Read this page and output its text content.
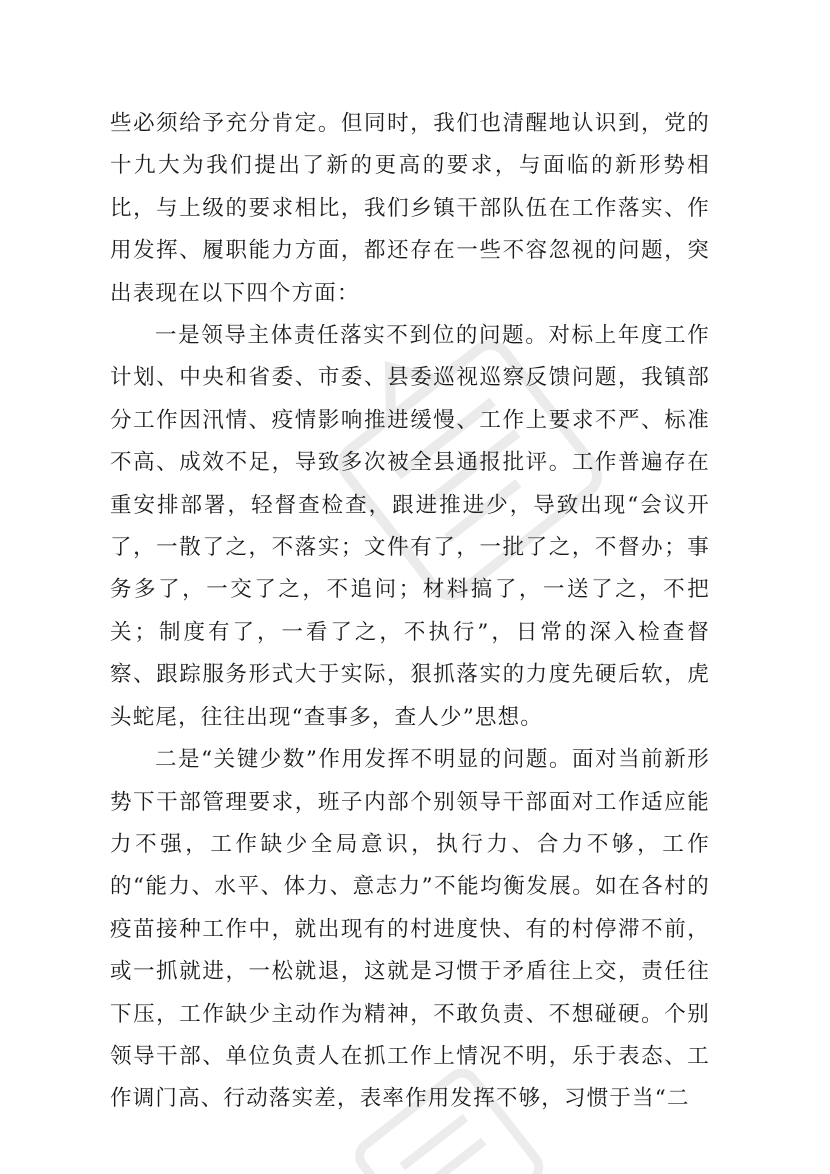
些必须给予充分肯定。但同时，我们也清醒地认识到，党的十九大为我们提出了新的更高的要求，与面临的新形势相比，与上级的要求相比，我们乡镇干部队伍在工作落实、作用发挥、履职能力方面，都还存在一些不容忽视的问题，突出表现在以下四个方面：

一是领导主体责任落实不到位的问题。对标上年度工作计划、中央和省委、市委、县委巡视巡察反馈问题，我镇部分工作因汛情、疫情影响推进缓慢、工作上要求不严、标准不高、成效不足，导致多次被全县通报批评。工作普遍存在重安排部署，轻督查检查，跟进推进少，导致出现“会议开了，一散了之，不落实；文件有了，一批了之，不督办；事务多了，一交了之，不追问；材料搞了，一送了之，不把关；制度有了，一看了之，不执行”，日常的深入检查督察、跟踪服务形式大于实际，狠抓落实的力度先硬后软，虎头蛇尾，往往出现“查事多，查人少”思想。

二是“关键少数”作用发挥不明显的问题。面对当前新形势下干部管理要求，班子内部个别领导干部面对工作适应能力不强，工作缺少全局意识，执行力、合力不够，工作的“能力、水平、体力、意志力”不能均衡发展。如在各村的疫苗接种工作中，就出现有的村进度快、有的村停滞不前，或一抓就进，一松就退，这就是习惯于矛盾往上交，责任往下压，工作缺少主动作为精神，不敢负责、不想碰硬。个别领导干部、单位负责人在抓工作上情况不明，乐于表态、工作调门高、行动落实差，表率作用发挥不够，习惯于当“二
